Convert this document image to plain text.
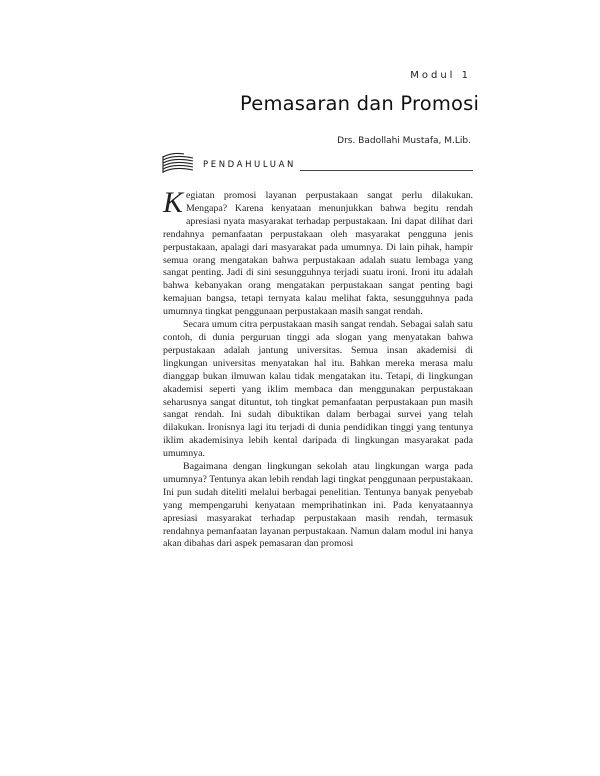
Modul 1
Pemasaran dan Promosi
Drs. Badollahi Mustafa, M.Lib.
PENDAHULUAN

Kegiatan promosi layanan perpustakaan sangat perlu dilakukan. Mengapa? Karena kenyataan menunjukkan bahwa begitu rendah apresiasi nyata masyarakat terhadap perpustakaan. Ini dapat dilihat dari rendahnya pemanfaatan perpustakaan oleh masyarakat pengguna jenis perpustakaan, apalagi dari masyarakat pada umumnya. Di lain pihak, hampir semua orang mengatakan bahwa perpustakaan adalah suatu lembaga yang sangat penting. Jadi di sini sesungguhnya terjadi suatu ironi. Ironi itu adalah bahwa kebanyakan orang mengatakan perpustakaan sangat penting bagi kemajuan bangsa, tetapi ternyata kalau melihat fakta, sesungguhnya pada umumnya tingkat penggunaan perpustakaan masih sangat rendah.

Secara umum citra perpustakaan masih sangat rendah. Sebagai salah satu contoh, di dunia perguruan tinggi ada slogan yang menyatakan bahwa perpustakaan adalah jantung universitas. Semua insan akademisi di lingkungan universitas menyatakan hal itu. Bahkan mereka merasa malu dianggap bukan ilmuwan kalau tidak mengatakan itu. Tetapi, di lingkungan akademisi seperti yang iklim membaca dan menggunakan perpustakaan seharusnya sangat dituntut, toh tingkat pemanfaatan perpustakaan pun masih sangat rendah. Ini sudah dibuktikan dalam berbagai survei yang telah dilakukan. Ironisnya lagi itu terjadi di dunia pendidikan tinggi yang tentunya iklim akademisinya lebih kental daripada di lingkungan masyarakat pada umumnya.

Bagaimana dengan lingkungan sekolah atau lingkungan warga pada umumnya? Tentunya akan lebih rendah lagi tingkat penggunaan perpustakaan. Ini pun sudah diteliti melalui berbagai penelitian. Tentunya banyak penyebab yang mempengaruhi kenyataan memprihatinkan ini. Pada kenyataannya apresiasi masyarakat terhadap perpustakaan masih rendah, termasuk rendahnya pemanfaatan layanan perpustakaan. Namun dalam modul ini hanya akan dibahas dari aspek pemasaran dan promosi
